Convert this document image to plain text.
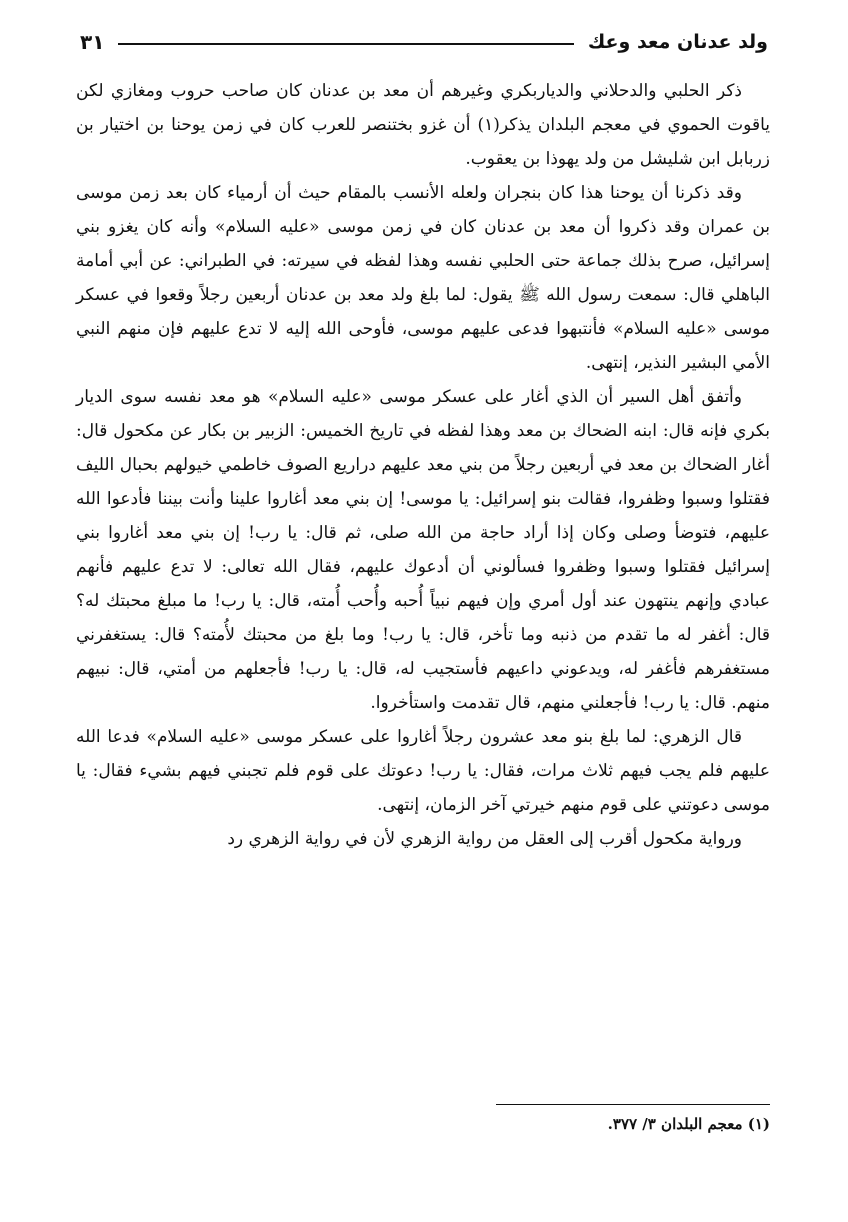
ولد عدنان معد وعك
٣١

ذكر الحلبي والدحلاني والدياربكري وغيرهم أن معد بن عدنان كان صاحب حروب ومغازي لكن ياقوت الحموي في معجم البلدان يذكر(١) أن غزو بختنصر للعرب كان في زمن يوحنا بن اختيار بن زربابل ابن شليشل من ولد يهوذا بن يعقوب.

وقد ذكرنا أن يوحنا هذا كان بنجران ولعله الأنسب بالمقام حيث أن أرمياء كان بعد زمن موسى بن عمران وقد ذكروا أن معد بن عدنان كان في زمن موسى «عليه السلام» وأنه كان يغزو بني إسرائيل، صرح بذلك جماعة حتى الحلبي نفسه وهذا لفظه في سيرته: في الطبراني: عن أبي أمامة الباهلي قال: سمعت رسول الله ﷺ يقول: لما بلغ ولد معد بن عدنان أربعين رجلاً وقعوا في عسكر موسى «عليه السلام» فأنتبهوا فدعى عليهم موسى، فأوحى الله إليه لا تدع عليهم فإن منهم النبي الأمي البشير النذير، إنتهى.

وأتفق أهل السير أن الذي أغار على عسكر موسى «عليه السلام» هو معد نفسه سوى الديار بكري فإنه قال: ابنه الضحاك بن معد وهذا لفظه في تاريخ الخميس: الزبير بن بكار عن مكحول قال: أغار الضحاك بن معد في أربعين رجلاً من بني معد عليهم دراريع الصوف خاطمي خيولهم بحبال الليف فقتلوا وسبوا وظفروا، فقالت بنو إسرائيل: يا موسى! إن بني معد أغاروا علينا وأنت بيننا فأدعوا الله عليهم، فتوضأ وصلى وكان إذا أراد حاجة من الله صلى، ثم قال: يا رب! إن بني معد أغاروا بني إسرائيل فقتلوا وسبوا وظفروا فسألوني أن أدعوك عليهم، فقال الله تعالى: لا تدع عليهم فأنهم عبادي وإنهم ينتهون عند أول أمري وإن فيهم نبياً أُحبه وأُحب أُمته، قال: يا رب! ما مبلغ محبتك له؟ قال: أغفر له ما تقدم من ذنبه وما تأخر، قال: يا رب! وما بلغ من محبتك لأُمته؟ قال: يستغفرني مستغفرهم فأغفر له، ويدعوني داعيهم فأستجيب له، قال: يا رب! فأجعلهم من أمتي، قال: نبيهم منهم. قال: يا رب! فأجعلني منهم، قال تقدمت واستأخروا.

قال الزهري: لما بلغ بنو معد عشرون رجلاً أغاروا على عسكر موسى «عليه السلام» فدعا الله عليهم فلم يجب فيهم ثلاث مرات، فقال: يا رب! دعوتك على قوم فلم تجبني فيهم بشيء فقال: يا موسى دعوتني على قوم منهم خيرتي آخر الزمان، إنتهى.

ورواية مكحول أقرب إلى العقل من رواية الزهري لأن في رواية الزهري رد

(١) معجم البلدان ٣/ ٣٧٧.
